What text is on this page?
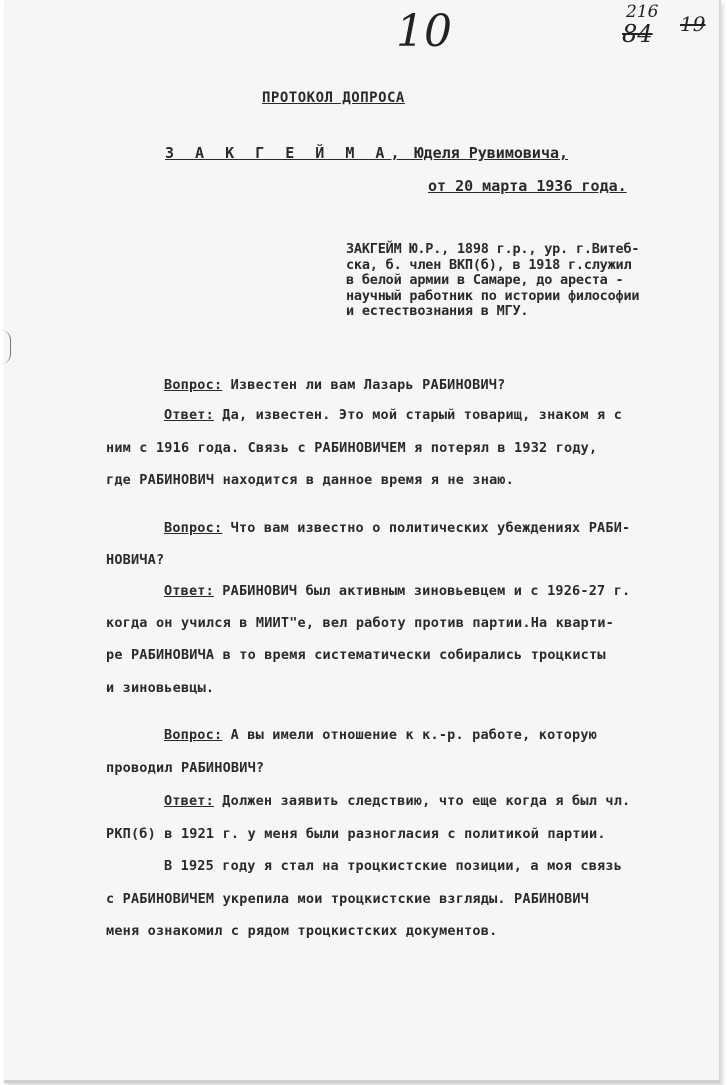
10	216
84 19
ПРОТОКОЛ ДОПРОСА
З А К Г Е Й М А, Юделя Рувимовича,
от 20 марта 1936 года.
ЗАКГЕЙМ Ю.Р., 1898 г.р., ур. г.Витеб-
ска, б. член ВКП(б), в 1918 г.служил
в белой армии в Самаре, до ареста -
научный работник по истории философии
и естествознания в МГУ.
Вопрос: Известен ли вам Лазарь РАБИНОВИЧ?
Ответ: Да, известен. Это мой старый товарищ, знаком я с
ним с 1916 года. Связь с РАБИНОВИЧЕМ я потерял в 1932 году,
где РАБИНОВИЧ находится в данное время я не знаю.
Вопрос: Что вам известно о политических убеждениях РАБИ-
НОВИЧА?
Ответ: РАБИНОВИЧ был активным зиновьевцем и с 1926-27 г.
когда он учился в МИИТ"е, вел работу против партии.На кварти-
ре РАБИНОВИЧА в то время систематически собирались троцкисты
и зиновьевцы.
Вопрос: А вы имели отношение к к.-р. работе, которую
проводил РАБИНОВИЧ?
Ответ: Должен заявить следствию, что еще когда я был чл.
РКП(б) в 1921 г. у меня были разногласия с политикой партии.
В 1925 году я стал на троцкистские позиции, а моя связь
с РАБИНОВИЧЕМ укрепила мои троцкистские взгляды. РАБИНОВИЧ
меня ознакомил с рядом троцкистских документов.
